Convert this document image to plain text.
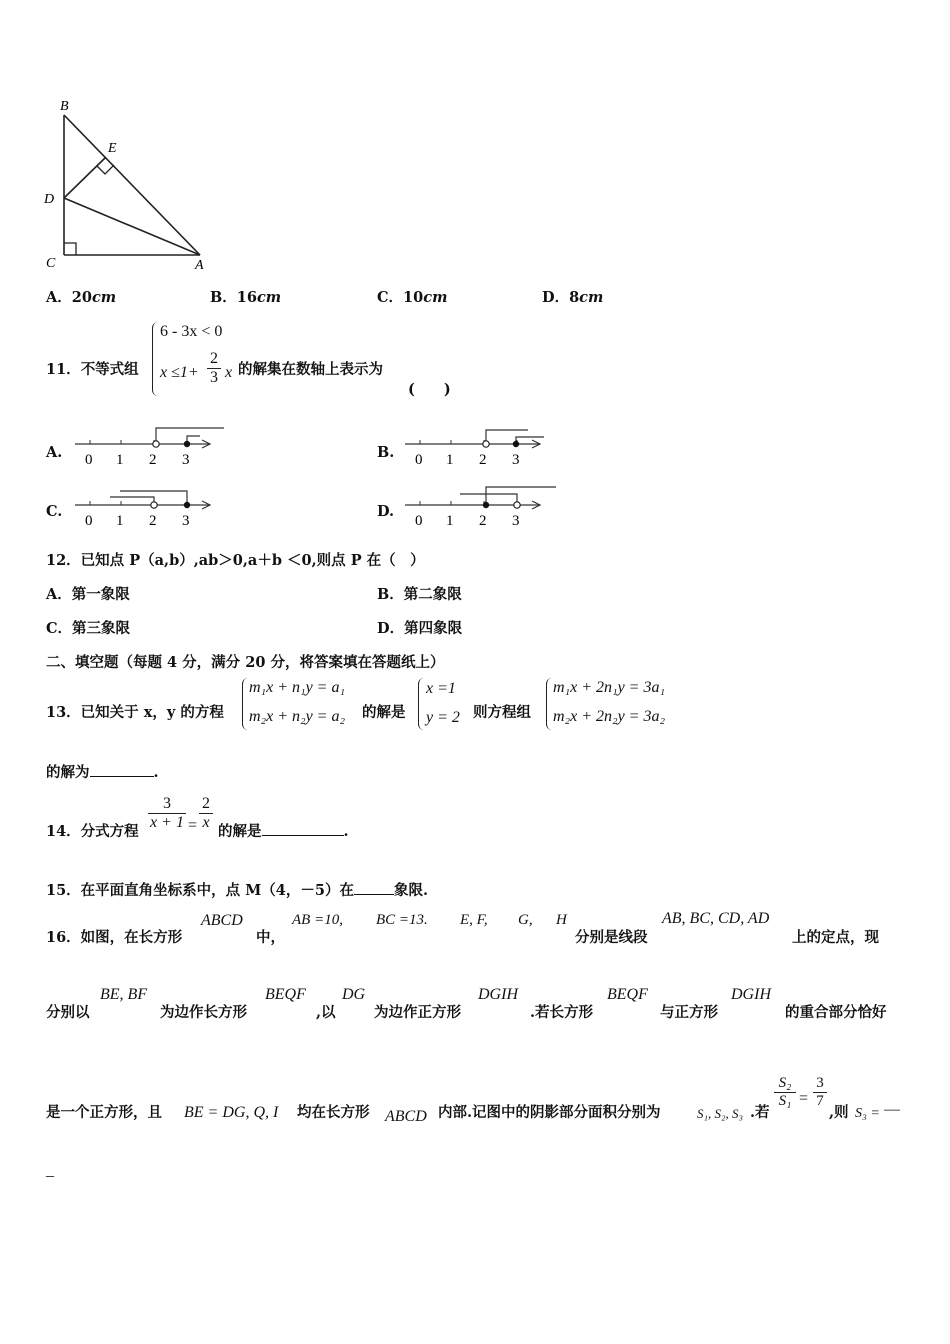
B
E
D
C	A
A．20cm	B．16cm	C．10cm	D．8cm
11．不等式组
6 - 3x < 0
$x \le 1+ \frac{2}{3}$ x 的解集在数轴上表示为
(　　)
A. 0 1 2 3	B. 0 1 2 3
C.
0 1 2 3
D.
0 1 2 3
12．已知点 P（a,b）,ab＞0,a＋b ＜0,则点 P 在（　）
A．第一象限	B．第二象限
C．第三象限	D．第四象限
二、填空题（每题 4 分，满分 20 分，将答案填在答题纸上）
13．已知关于 x，y 的方程
m₁x + n₁y = a₁
m₂x + n₂y = a₂ 的解是
x =1
y = 2 则方程组
m₁x + 2n₁y = 3a₁
m₂x + 2n₂y = 3a₂
的解为	.
14．分式方程 $\frac{3}{x + 1} = \frac{2}{x}$ 的解是	.
15．在平面直角坐标系中，点 M（4，－5）在	象限.
16．如图，在长方形
ABCD
中，
AB =10, BC =13. E, F, G, H
分别是线段
AB, BC, CD, AD
上的定点，现
分别以
BE, BF
为边作长方形
BEQF
,以
DG
为边作正方形
DGIH
.若长方形
BEQF
与正方形
DGIH
的重合部分恰好
是一个正方形，且 BE = DG, Q, I 均在长方形 ABCD 内部.记图中的阴影部分面积分别为	S₁, S₂, S₃ .若
$\frac{\text{S₂}}{\text{S₁}} = \frac{3}{7}$
,则 S₃ = —
_
